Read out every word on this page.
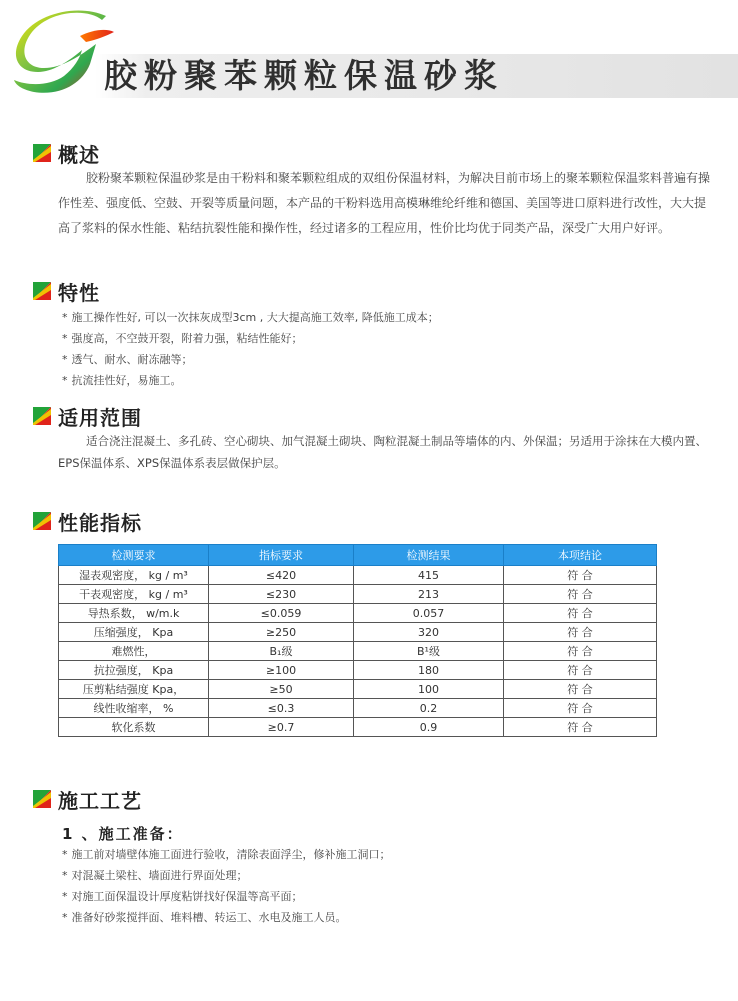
胶粉聚苯颗粒保温砂浆
概述
胶粉聚苯颗粒保温砂浆是由干粉料和聚苯颗粒组成的双组份保温材料，为解决目前市场上的聚苯颗粒保温浆料普遍有操作性差、强度低、空鼓、开裂等质量问题，本产品的干粉料选用高模琳维纶纤维和德国、美国等进口原料进行改性，大大提高了浆料的保水性能、粘结抗裂性能和操作性，经过诸多的工程应用，性价比均优于同类产品，深受广大用户好评。
特性
* 施工操作性好, 可以一次抹灰成型3cm , 大大提高施工效率, 降低施工成本；
* 强度高，不空鼓开裂，附着力强，粘结性能好；
* 透气、耐水、耐冻融等；
* 抗流挂性好，易施工。
适用范围
适合浇注混凝土、多孔砖、空心砌块、加气混凝土砌块、陶粒混凝土制品等墙体的内、外保温；另适用于涂抹在大模内置、EPS保温体系、XPS保温体系表层做保护层。
性能指标
检测要求	指标要求	检测结果	本项结论
湿表观密度， kg / m³	≤420	415	符 合
干表观密度， kg / m³	≤230	213	符 合
导热系数， w/m.k	≤0.059	0.057	符 合
压缩强度， Kpa	≥250	320	符 合
难燃性，	B₁级	B¹级	符 合
抗拉强度， Kpa	≥100	180	符 合
压剪粘结强度 Kpa，	≥50	100	符 合
线性收缩率， %	≤0.3	0.2	符 合
软化系数	≥0.7	0.9	符 合
施工工艺
1 、施工准备：
* 施工前对墙壁体施工面进行验收，清除表面浮尘，修补施工洞口；
* 对混凝土梁柱、墙面进行界面处理；
* 对施工面保温设计厚度粘饼找好保温等高平面；
* 准备好砂浆搅拌面、堆料槽、转运工、水电及施工人员。
